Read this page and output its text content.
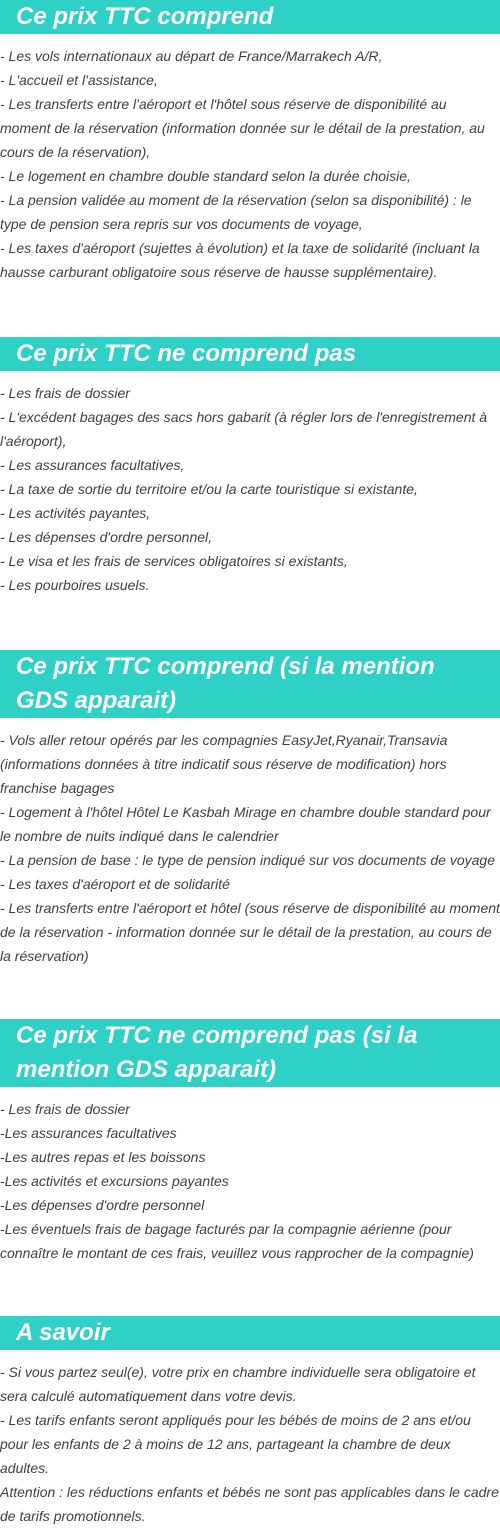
Ce prix TTC comprend
- Les vols internationaux au départ de France/Marrakech A/R,
- L'accueil et l'assistance,
- Les transferts entre l'aéroport et l'hôtel sous réserve de disponibilité au moment de la réservation (information donnée sur le détail de la prestation, au cours de la réservation),
- Le logement en chambre double standard selon la durée choisie,
- La pension validée au moment de la réservation (selon sa disponibilité) : le type de pension sera repris sur vos documents de voyage,
- Les taxes d'aéroport (sujettes à évolution) et la taxe de solidarité (incluant la hausse carburant obligatoire sous réserve de hausse supplémentaire).
Ce prix TTC ne comprend pas
- Les frais de dossier
- L'excédent bagages des sacs hors gabarit (à régler lors de l'enregistrement à l'aéroport),
- Les assurances facultatives,
- La taxe de sortie du territoire et/ou la carte touristique si existante,
- Les activités payantes,
- Les dépenses d'ordre personnel,
- Le visa et les frais de services obligatoires si existants,
- Les pourboires usuels.
Ce prix TTC comprend (si la mention GDS apparait)
- Vols aller retour opérés par les compagnies EasyJet,Ryanair,Transavia (informations données à titre indicatif sous réserve de modification) hors franchise bagages
- Logement à l'hôtel Hôtel Le Kasbah Mirage en chambre double standard pour le nombre de nuits indiqué dans le calendrier
- La pension de base : le type de pension indiqué sur vos documents de voyage
- Les taxes d'aéroport et de solidarité
- Les transferts entre l'aéroport et hôtel (sous réserve de disponibilité au moment de la réservation - information donnée sur le détail de la prestation, au cours de la réservation)
Ce prix TTC ne comprend pas (si la mention GDS apparait)
- Les frais de dossier
-Les assurances facultatives
-Les autres repas et les boissons
-Les activités et excursions payantes
-Les dépenses d'ordre personnel
-Les éventuels frais de bagage facturés par la compagnie aérienne (pour connaître le montant de ces frais, veuillez vous rapprocher de la compagnie)
A savoir
- Si vous partez seul(e), votre prix en chambre individuelle sera obligatoire et sera calculé automatiquement dans votre devis.
- Les tarifs enfants seront appliqués pour les bébés de moins de 2 ans et/ou pour les enfants de 2 à moins de 12 ans, partageant la chambre de deux adultes.
Attention : les réductions enfants et bébés ne sont pas applicables dans le cadre de tarifs promotionnels.
